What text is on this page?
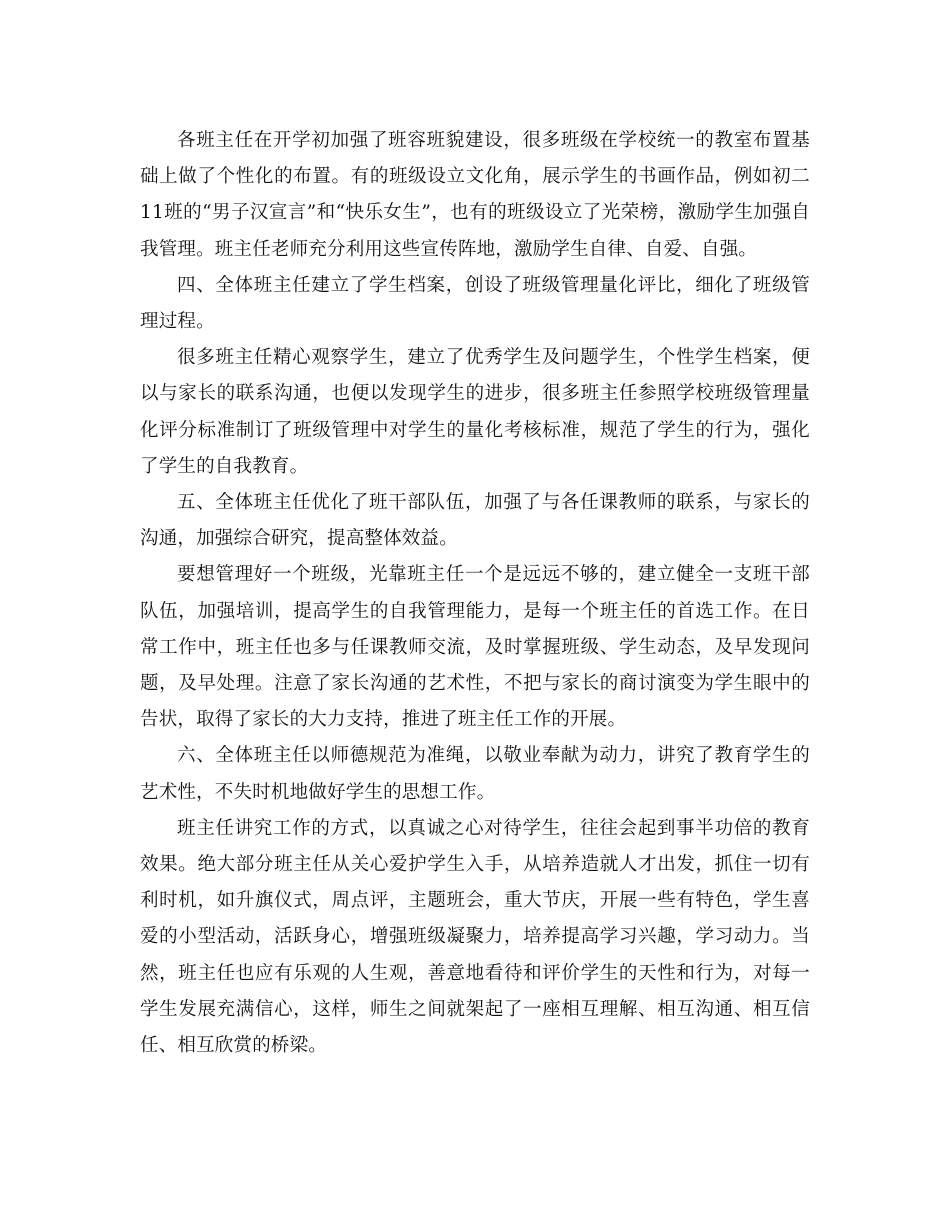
各班主任在开学初加强了班容班貌建设，很多班级在学校统一的教室布置基础上做了个性化的布置。有的班级设立文化角，展示学生的书画作品，例如初二11班的“男子汉宣言”和“快乐女生”，也有的班级设立了光荣榜，激励学生加强自我管理。班主任老师充分利用这些宣传阵地，激励学生自律、自爱、自强。

四、全体班主任建立了学生档案，创设了班级管理量化评比，细化了班级管理过程。

很多班主任精心观察学生，建立了优秀学生及问题学生，个性学生档案，便以与家长的联系沟通，也便以发现学生的进步，很多班主任参照学校班级管理量化评分标准制订了班级管理中对学生的量化考核标准，规范了学生的行为，强化了学生的自我教育。

五、全体班主任优化了班干部队伍，加强了与各任课教师的联系，与家长的沟通，加强综合研究，提高整体效益。

要想管理好一个班级，光靠班主任一个是远远不够的，建立健全一支班干部队伍，加强培训，提高学生的自我管理能力，是每一个班主任的首选工作。在日常工作中，班主任也多与任课教师交流，及时掌握班级、学生动态，及早发现问题，及早处理。注意了家长沟通的艺术性，不把与家长的商讨演变为学生眼中的告状，取得了家长的大力支持，推进了班主任工作的开展。

六、全体班主任以师德规范为准绳，以敬业奉献为动力，讲究了教育学生的艺术性，不失时机地做好学生的思想工作。

班主任讲究工作的方式，以真诚之心对待学生，往往会起到事半功倍的教育效果。绝大部分班主任从关心爱护学生入手，从培养造就人才出发，抓住一切有利时机，如升旗仪式，周点评，主题班会，重大节庆，开展一些有特色，学生喜爱的小型活动，活跃身心，增强班级凝聚力，培养提高学习兴趣，学习动力。当然，班主任也应有乐观的人生观，善意地看待和评价学生的天性和行为，对每一学生发展充满信心，这样，师生之间就架起了一座相互理解、相互沟通、相互信任、相互欣赏的桥梁。
